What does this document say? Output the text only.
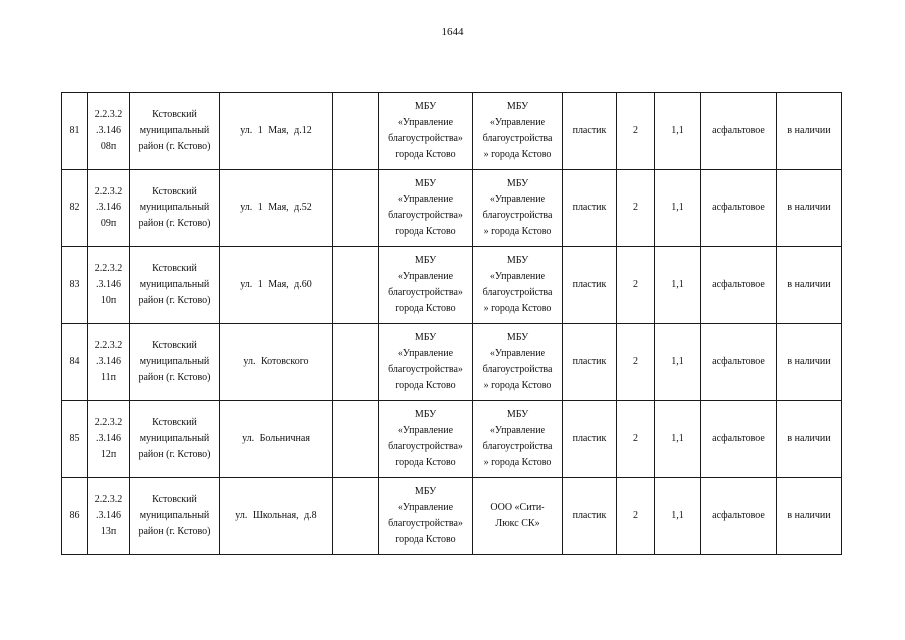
1644
81	2.2.3.2
.3.146
08п	Кстовский
муниципальный
район (г. Кстово)	ул. 1 Мая, д.12		МБУ
«Управление
благоустройства»
города Кстово	МБУ
«Управление
благоустройства
» города Кстово	пластик	2	1,1	асфальтовое	в наличии
82	2.2.3.2
.3.146
09п	Кстовский
муниципальный
район (г. Кстово)	ул. 1 Мая, д.52		МБУ
«Управление
благоустройства»
города Кстово	МБУ
«Управление
благоустройства
» города Кстово	пластик	2	1,1	асфальтовое	в наличии
83	2.2.3.2
.3.146
10п	Кстовский
муниципальный
район (г. Кстово)	ул. 1 Мая, д.60		МБУ
«Управление
благоустройства»
города Кстово	МБУ
«Управление
благоустройства
» города Кстово	пластик	2	1,1	асфальтовое	в наличии
84	2.2.3.2
.3.146
11п	Кстовский
муниципальный
район (г. Кстово)	ул. Котовского		МБУ
«Управление
благоустройства»
города Кстово	МБУ
«Управление
благоустройства
» города Кстово	пластик	2	1,1	асфальтовое	в наличии
85	2.2.3.2
.3.146
12п	Кстовский
муниципальный
район (г. Кстово)	ул. Больничная		МБУ
«Управление
благоустройства»
города Кстово	МБУ
«Управление
благоустройства
» города Кстово	пластик	2	1,1	асфальтовое	в наличии
86	2.2.3.2
.3.146
13п	Кстовский
муниципальный
район (г. Кстово)	ул. Школьная, д.8		МБУ
«Управление
благоустройства»
города Кстово	ООО «Сити-
Люкс СК»	пластик	2	1,1	асфальтовое	в наличии
